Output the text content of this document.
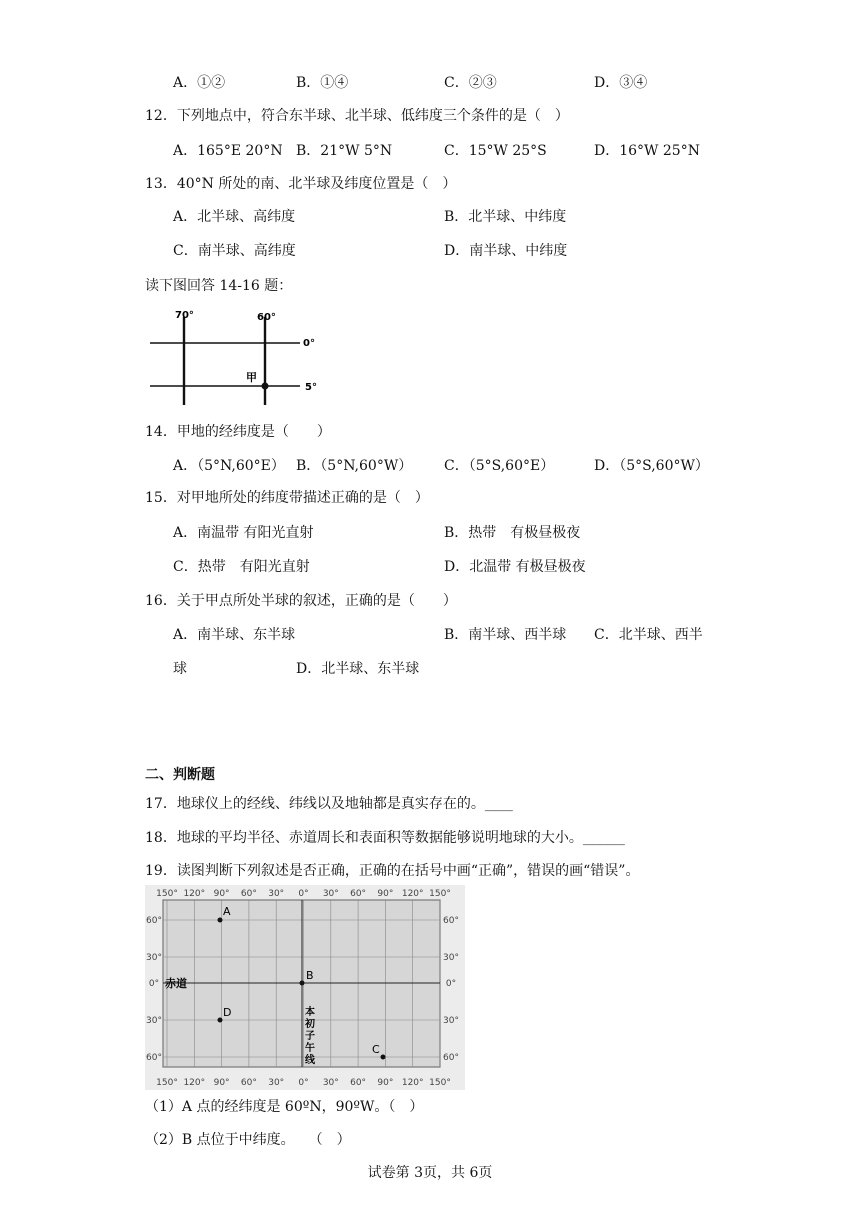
A．①②	B．①④	C．②③	D．③④
12．下列地点中，符合东半球、北半球、低纬度三个条件的是（　）
A．165°E 20°N B．21°W 5°N	C．15°W 25°S	D．16°W 25°N
13．40°N 所处的南、北半球及纬度位置是（　）
A．北半球、高纬度	B．北半球、中纬度
C．南半球、高纬度	D．南半球、中纬度
读下图回答 14-16 题：
70°	60°
0°
5°
甲
14．甲地的经纬度是（　　）
A．（5°N,60°E） B．（5°N,60°W） C．（5°S,60°E）	D．（5°S,60°W）
15．对甲地所处的纬度带描述正确的是（　）
A．南温带 有阳光直射	B．热带　有极昼极夜
C．热带　有阳光直射	D．北温带 有极昼极夜
16．关于甲点所处半球的叙述，正确的是（　　）
A．南半球、东半球	B．南半球、西半球 C．北半球、西半
球	D．北半球、东半球
二、判断题
17．地球仪上的经线、纬线以及地轴都是真实存在的。____
18．地球的平均半径、赤道周长和表面积等数据能够说明地球的大小。______
19．读图判断下列叙述是否正确，正确的在括号中画“正确”，错误的画“错误”。
150° 120° 90° 60° 30° 0° 30° 60° 90° 120° 150°
150° 120° 90° 60° 30° 0° 30° 60° 90° 120° 150°
60°
30°
0°
30°
60°
60°
30°
0°
30°
60°
赤道
本
初
子
午
线
A
B
C
D
（1）A 点的经纬度是 60ºN，90ºW。（　）
（2）B 点位于中纬度。　　（　）
试卷第 3页，共 6页
